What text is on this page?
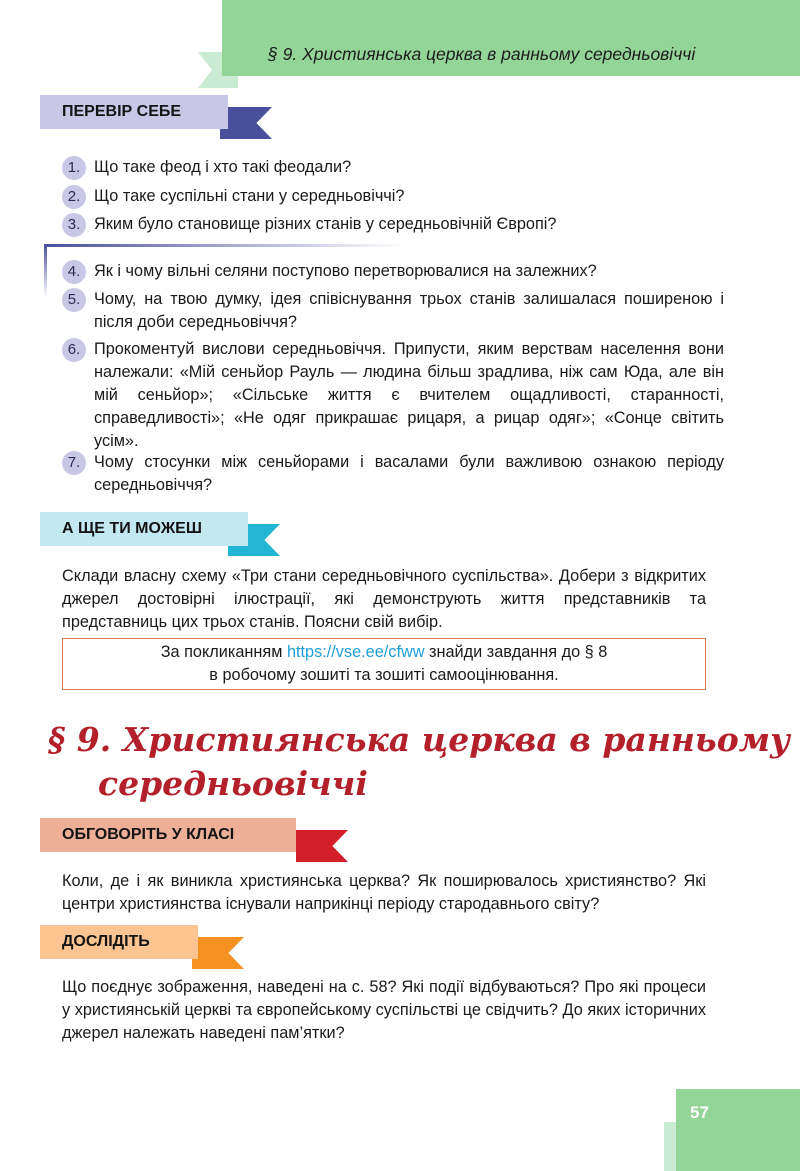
§ 9. Християнська церква в ранньому середньовіччі
ПЕРЕВІР СЕБЕ
1. Що таке феод і хто такі феодали?
2. Що таке суспільні стани у середньовіччі?
3. Яким було становище різних станів у середньовічній Європі?
4. Як і чому вільні селяни поступово перетворювалися на залежних?
5. Чому, на твою думку, ідея співіснування трьох станів залишалася поширеною і після доби середньовіччя?
6. Прокоментуй вислови середньовіччя. Припусти, яким верствам населення вони належали: «Мій сеньйор Рауль — людина більш зрадлива, ніж сам Юда, але він мій сеньйор»; «Сільське життя є вчителем ощадливості, старанності, справедливості»; «Не одяг прикрашає рицаря, а рицар одяг»; «Сонце світить усім».
7. Чому стосунки між сеньйорами і васалами були важливою ознакою періоду середньовіччя?
А ЩЕ ТИ МОЖЕШ
Склади власну схему «Три стани середньовічного суспільства». Добери з відкритих джерел достовірні ілюстрації, які демонструють життя представників та представниць цих трьох станів. Поясни свій вибір.
За покликанням https://vse.ee/cfww знайди завдання до § 8
в робочому зошиті та зошиті самооцінювання.
§ 9. Християнська церква в ранньому
середньовіччі
ОБГОВОРІТЬ У КЛАСІ
Коли, де і як виникла християнська церква? Як поширювалось християнство? Які центри християнства існували наприкінці періоду стародавнього світу?
ДОСЛІДІТЬ
Що поєднує зображення, наведені на с. 58? Які події відбуваються? Про які процеси у християнській церкві та європейському суспільстві це свідчить? До яких історичних джерел належать наведені пам’ятки?
57
